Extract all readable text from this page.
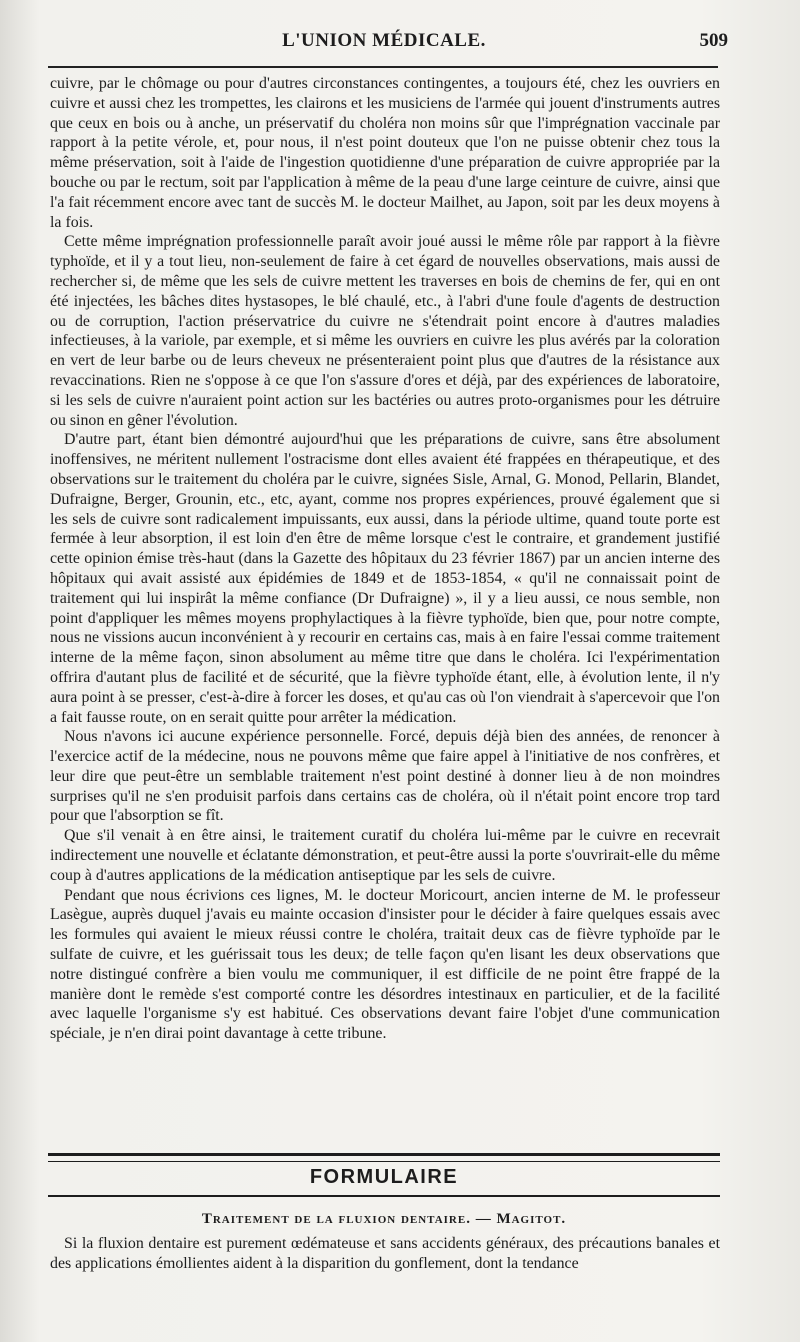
L'UNION MÉDICALE.	509

cuivre, par le chômage ou pour d'autres circonstances contingentes, a toujours été, chez les ouvriers en cuivre et aussi chez les trompettes, les clairons et les musiciens de l'armée qui jouent d'instruments autres que ceux en bois ou à anche, un préservatif du choléra non moins sûr que l'imprégnation vaccinale par rapport à la petite vérole, et, pour nous, il n'est point douteux que l'on ne puisse obtenir chez tous la même préservation, soit à l'aide de l'ingestion quotidienne d'une préparation de cuivre appropriée par la bouche ou par le rectum, soit par l'application à même de la peau d'une large ceinture de cuivre, ainsi que l'a fait récemment encore avec tant de succès M. le docteur Mailhet, au Japon, soit par les deux moyens à la fois.

Cette même imprégnation professionnelle paraît avoir joué aussi le même rôle par rapport à la fièvre typhoïde, et il y a tout lieu, non-seulement de faire à cet égard de nouvelles observations, mais aussi de rechercher si, de même que les sels de cuivre mettent les traverses en bois de chemins de fer, qui en ont été injectées, les bâches dites hystasopes, le blé chaulé, etc., à l'abri d'une foule d'agents de destruction ou de corruption, l'action préservatrice du cuivre ne s'étendrait point encore à d'autres maladies infectieuses, à la variole, par exemple, et si même les ouvriers en cuivre les plus avérés par la coloration en vert de leur barbe ou de leurs cheveux ne présenteraient point plus que d'autres de la résistance aux revaccinations. Rien ne s'oppose à ce que l'on s'assure d'ores et déjà, par des expériences de laboratoire, si les sels de cuivre n'auraient point action sur les bactéries ou autres proto-organismes pour les détruire ou sinon en gêner l'évolution.

D'autre part, étant bien démontré aujourd'hui que les préparations de cuivre, sans être absolument inoffensives, ne méritent nullement l'ostracisme dont elles avaient été frappées en thérapeutique, et des observations sur le traitement du choléra par le cuivre, signées Sisle, Arnal, G. Monod, Pellarin, Blandet, Dufraigne, Berger, Grounin, etc., etc, ayant, comme nos propres expériences, prouvé également que si les sels de cuivre sont radicalement impuissants, eux aussi, dans la période ultime, quand toute porte est fermée à leur absorption, il est loin d'en être de même lorsque c'est le contraire, et grandement justifié cette opinion émise très-haut (dans la Gazette des hôpitaux du 23 février 1867) par un ancien interne des hôpitaux qui avait assisté aux épidémies de 1849 et de 1853-1854, « qu'il ne connaissait point de traitement qui lui inspirât la même confiance (Dr Dufraigne) », il y a lieu aussi, ce nous semble, non point d'appliquer les mêmes moyens prophylactiques à la fièvre typhoïde, bien que, pour notre compte, nous ne vissions aucun inconvénient à y recourir en certains cas, mais à en faire l'essai comme traitement interne de la même façon, sinon absolument au même titre que dans le choléra. Ici l'expérimentation offrira d'autant plus de facilité et de sécurité, que la fièvre typhoïde étant, elle, à évolution lente, il n'y aura point à se presser, c'est-à-dire à forcer les doses, et qu'au cas où l'on viendrait à s'apercevoir que l'on a fait fausse route, on en serait quitte pour arrêter la médication.

Nous n'avons ici aucune expérience personnelle. Forcé, depuis déjà bien des années, de renoncer à l'exercice actif de la médecine, nous ne pouvons même que faire appel à l'initiative de nos confrères, et leur dire que peut-être un semblable traitement n'est point destiné à donner lieu à de non moindres surprises qu'il ne s'en produisit parfois dans certains cas de choléra, où il n'était point encore trop tard pour que l'absorption se fît.

Que s'il venait à en être ainsi, le traitement curatif du choléra lui-même par le cuivre en recevrait indirectement une nouvelle et éclatante démonstration, et peut-être aussi la porte s'ouvrirait-elle du même coup à d'autres applications de la médication antiseptique par les sels de cuivre.

Pendant que nous écrivions ces lignes, M. le docteur Moricourt, ancien interne de M. le professeur Lasègue, auprès duquel j'avais eu mainte occasion d'insister pour le décider à faire quelques essais avec les formules qui avaient le mieux réussi contre le choléra, traitait deux cas de fièvre typhoïde par le sulfate de cuivre, et les guérissait tous les deux; de telle façon qu'en lisant les deux observations que notre distingué confrère a bien voulu me communiquer, il est difficile de ne point être frappé de la manière dont le remède s'est comporté contre les désordres intestinaux en particulier, et de la facilité avec laquelle l'organisme s'y est habitué. Ces observations devant faire l'objet d'une communication spéciale, je n'en dirai point davantage à cette tribune.

FORMULAIRE
Traitement de la fluxion dentaire. — Magitot.

Si la fluxion dentaire est purement œdémateuse et sans accidents généraux, des précautions banales et des applications émollientes aident à la disparition du gonflement, dont la tendance
